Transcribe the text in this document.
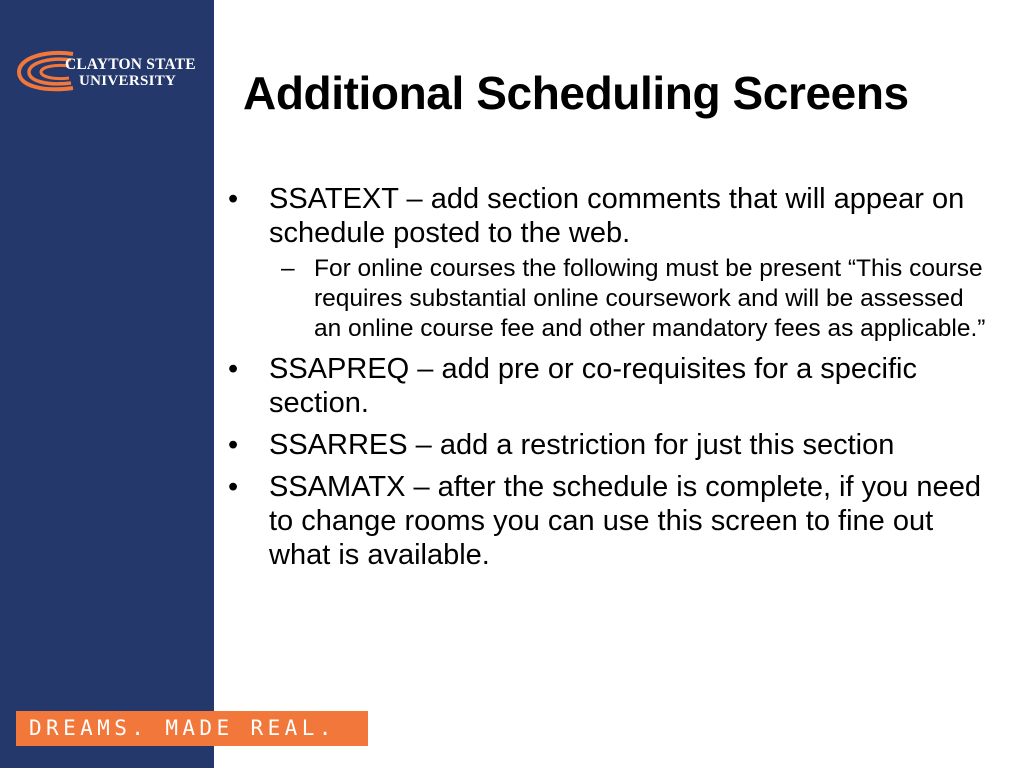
CLAYTON STATE
UNIVERSITY Additional Scheduling Screens
•	SSATEXT – add section comments that will appear on schedule posted to the web.
– For online courses the following must be present “This course requires substantial online coursework and will be assessed an online course fee and other mandatory fees as applicable.”
•	SSAPREQ – add pre or co-requisites for a specific section.
•	SSARRES – add a restriction for just this section
•	SSAMATX – after the schedule is complete, if you need to change rooms you can use this screen to fine out what is available.
DREAMS. MADE REAL.
